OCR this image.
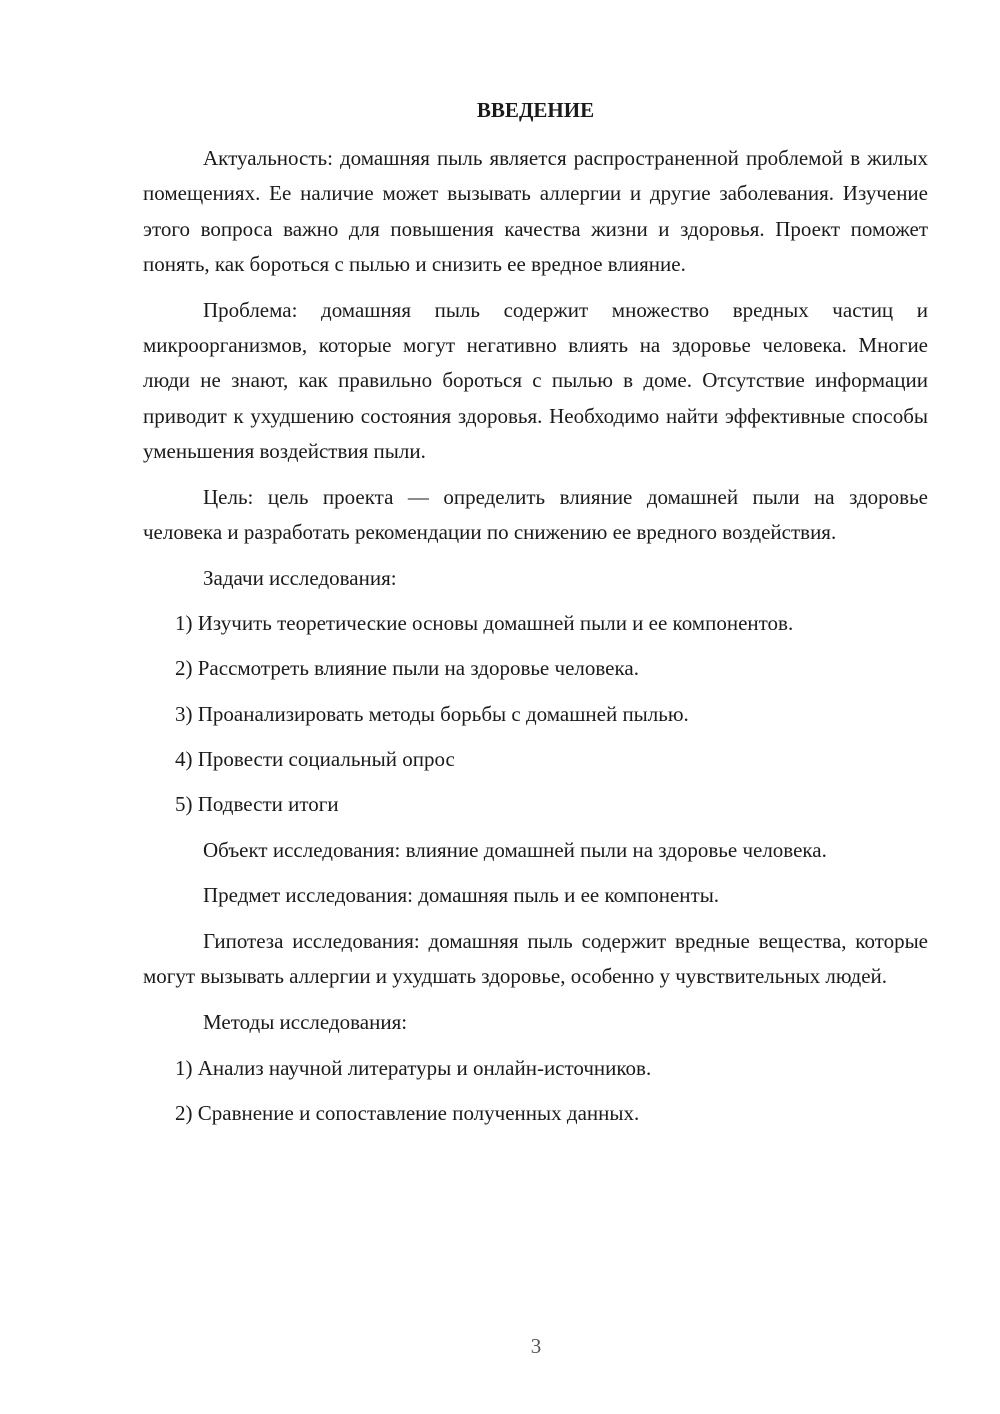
ВВЕДЕНИЕ

Актуальность: домашняя пыль является распространенной проблемой в жилых помещениях. Ее наличие может вызывать аллергии и другие заболевания. Изучение этого вопроса важно для повышения качества жизни и здоровья. Проект поможет понять, как бороться с пылью и снизить ее вредное влияние.

Проблема: домашняя пыль содержит множество вредных частиц и микроорганизмов, которые могут негативно влиять на здоровье человека. Многие люди не знают, как правильно бороться с пылью в доме. Отсутствие информации приводит к ухудшению состояния здоровья. Необходимо найти эффективные способы уменьшения воздействия пыли.

Цель: цель проекта — определить влияние домашней пыли на здоровье человека и разработать рекомендации по снижению ее вредного воздействия.

Задачи исследования:
1) Изучить теоретические основы домашней пыли и ее компонентов.
2) Рассмотреть влияние пыли на здоровье человека.
3) Проанализировать методы борьбы с домашней пылью.
4) Провести социальный опрос
5) Подвести итоги

Объект исследования: влияние домашней пыли на здоровье человека.

Предмет исследования: домашняя пыль и ее компоненты.

Гипотеза исследования: домашняя пыль содержит вредные вещества, которые могут вызывать аллергии и ухудшать здоровье, особенно у чувствительных людей.

Методы исследования:
1) Анализ научной литературы и онлайн-источников.
2) Сравнение и сопоставление полученных данных.
3
